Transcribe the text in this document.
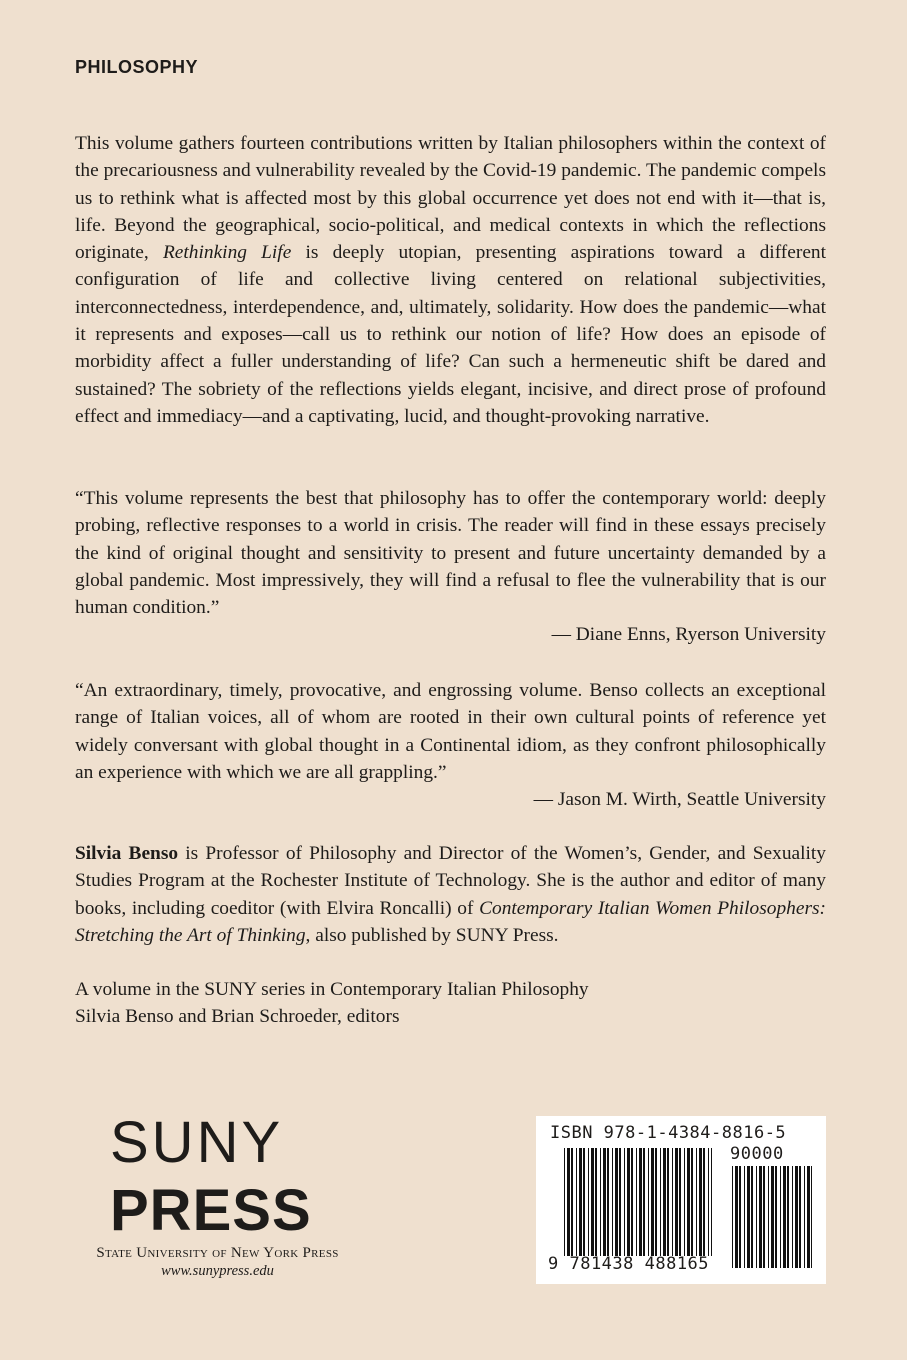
PHILOSOPHY

This volume gathers fourteen contributions written by Italian philosophers within the context of the precariousness and vulnerability revealed by the Covid-19 pandemic. The pandemic compels us to rethink what is affected most by this global occurrence yet does not end with it—that is, life. Beyond the geographical, socio-political, and medical contexts in which the reflections originate, Rethinking Life is deeply utopian, presenting aspirations toward a different configuration of life and collective living centered on relational subjectivities, interconnectedness, interdependence, and, ultimately, solidarity. How does the pandemic—what it represents and exposes—call us to rethink our notion of life? How does an episode of morbidity affect a fuller understanding of life? Can such a hermeneutic shift be dared and sustained? The sobriety of the reflections yields elegant, incisive, and direct prose of profound effect and immediacy—and a captivating, lucid, and thought-provoking narrative.

“This volume represents the best that philosophy has to offer the contemporary world: deeply probing, reflective responses to a world in crisis. The reader will find in these essays precisely the kind of original thought and sensitivity to present and future uncertainty demanded by a global pandemic. Most impressively, they will find a refusal to flee the vulnerability that is our human condition.”

— Diane Enns, Ryerson University

“An extraordinary, timely, provocative, and engrossing volume. Benso collects an exceptional range of Italian voices, all of whom are rooted in their own cultural points of reference yet widely conversant with global thought in a Continental idiom, as they confront philosophically an experience with which we are all grappling.”

— Jason M. Wirth, Seattle University

Silvia Benso is Professor of Philosophy and Director of the Women’s, Gender, and Sexuality Studies Program at the Rochester Institute of Technology. She is the author and editor of many books, including coeditor (with Elvira Roncalli) of Contemporary Italian Women Philosophers: Stretching the Art of Thinking, also published by SUNY Press.

A volume in the SUNY series in Contemporary Italian Philosophy
Silvia Benso and Brian Schroeder, editors

SUNY
PRESS
State University of New York Press
www.sunypress.edu
ISBN 978-1-4384-8816-5
90000
9 781438 488165
